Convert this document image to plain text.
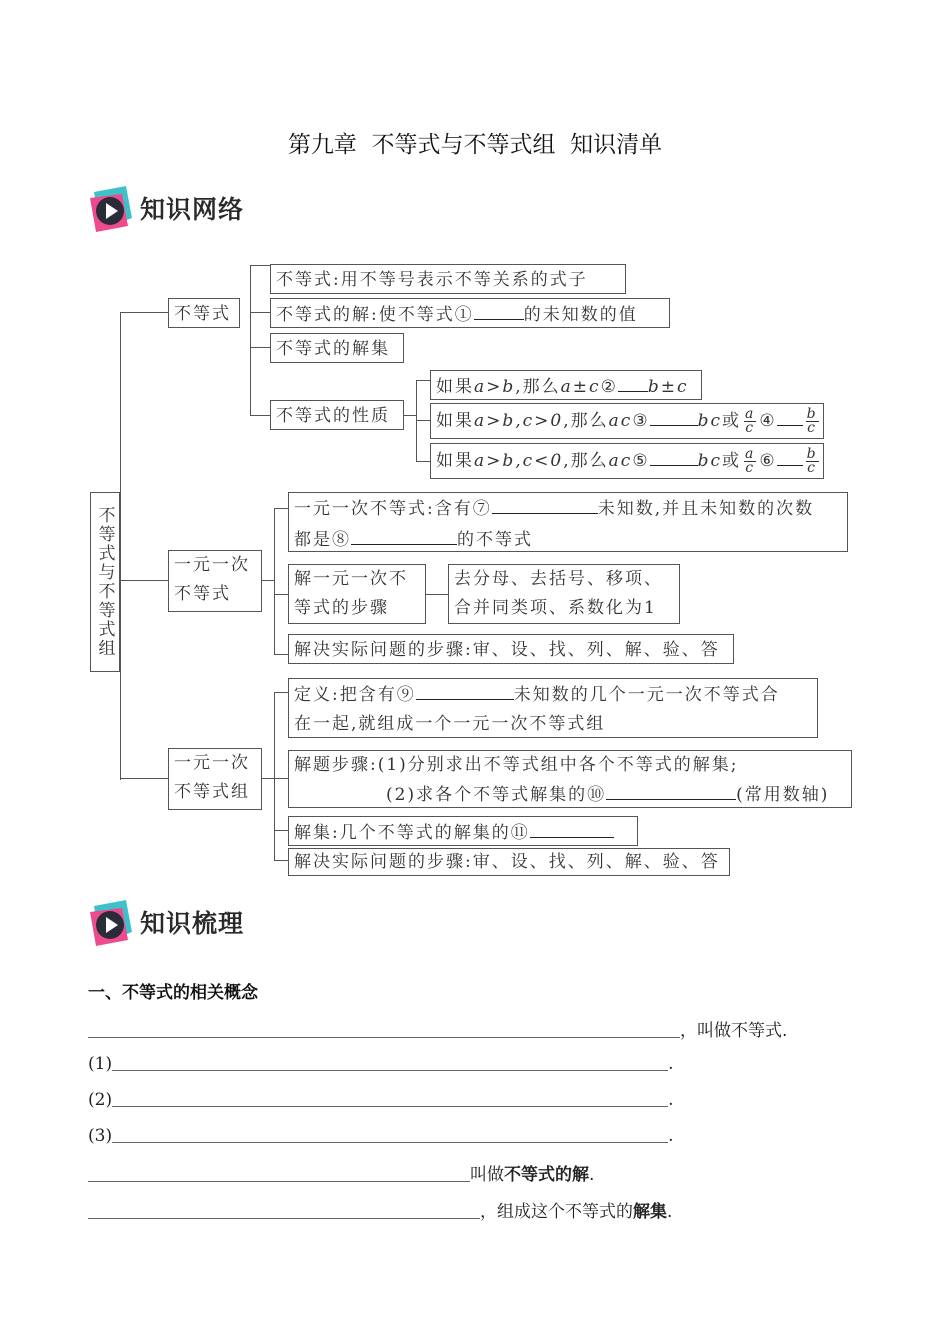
第九章  不等式与不等式组  知识清单
知识网络
不等式与不等式组
不等式
不等式:用不等号表示不等关系的式子
不等式的解:使不等式①	的未知数的值
不等式的解集
不等式的性质
如果a>b,那么a±c② b±c
如果a>b,c>0,那么ac③	bc或 $\frac{a}{c}$ ④ $\frac{b}{c}$
如果a>b,c<0,那么ac⑤	bc或 $\frac{a}{c}$ ⑥ $\frac{b}{c}$
一元一次
不等式
一元一次不等式:含有⑦	未知数,并且未知数的次数
都是⑧	的不等式
解一元一次不
等式的步骤
去分母、去括号、移项、
合并同类项、系数化为1
解决实际问题的步骤:审、设、找、列、解、验、答
一元一次
不等式组
定义:把含有⑨	未知数的几个一元一次不等式合
在一起,就组成一个一元一次不等式组
解题步骤:(1)分别求出不等式组中各个不等式的解集;
(2)求各个不等式解集的⑩	(常用数轴)
解集:几个不等式的解集的⑪
解决实际问题的步骤:审、设、找、列、解、验、答
知识梳理
一、不等式的相关概念
，叫做不等式.
(1)	.
(2)	.
(3)	.
叫做不等式的解.
，组成这个不等式的解集.
